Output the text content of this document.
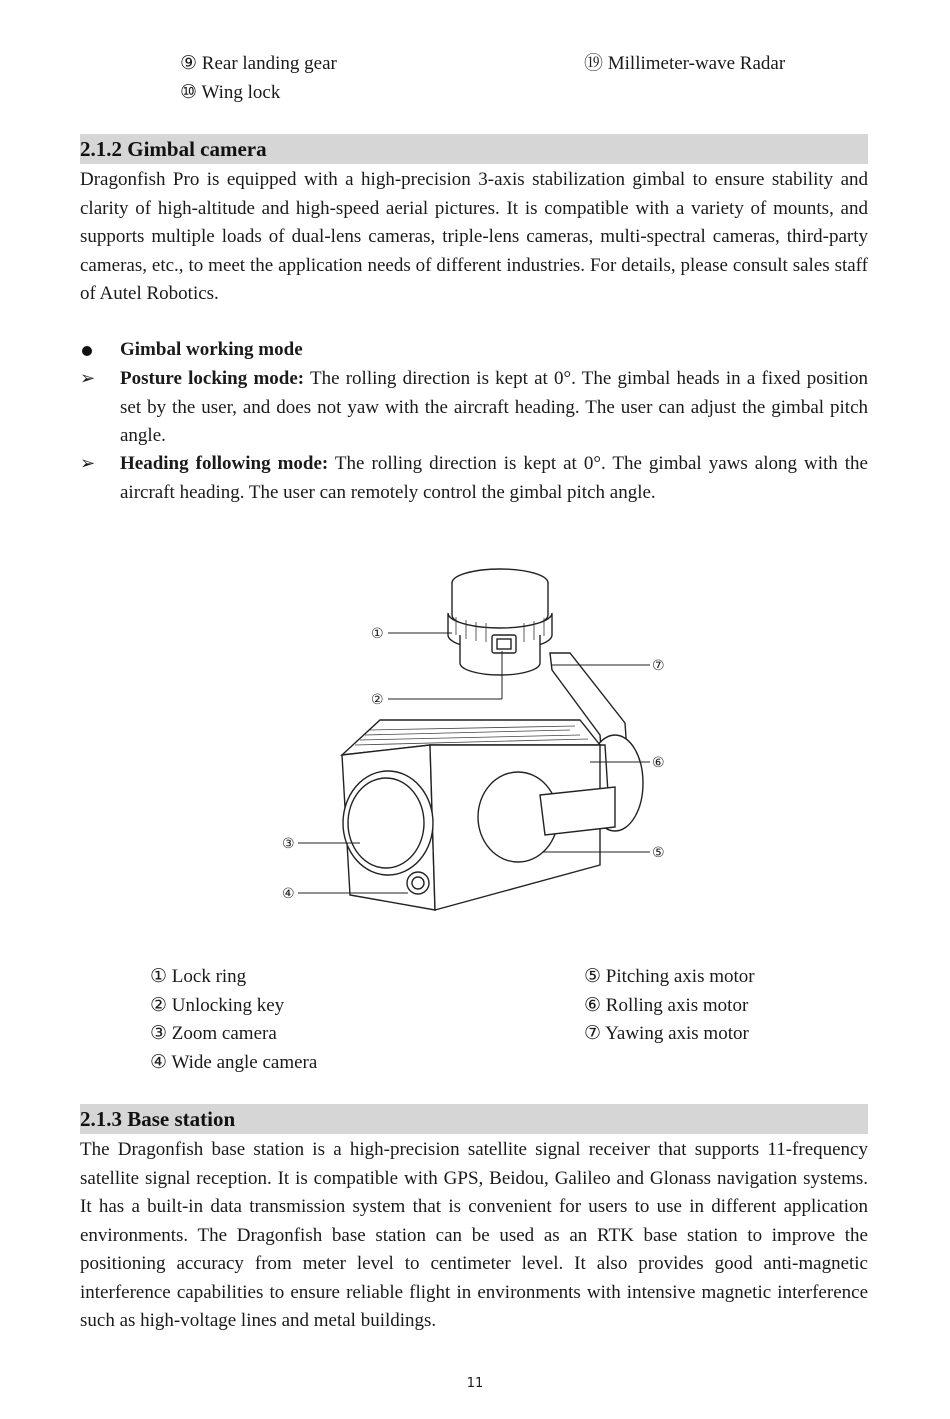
⑨ Rear landing gear
⑩ Wing lock
⑲ Millimeter-wave Radar
2.1.2 Gimbal camera

Dragonfish Pro is equipped with a high-precision 3-axis stabilization gimbal to ensure stability and clarity of high-altitude and high-speed aerial pictures. It is compatible with a variety of mounts, and supports multiple loads of dual-lens cameras, triple-lens cameras, multi-spectral cameras, third-party cameras, etc., to meet the application needs of different industries. For details, please consult sales staff of Autel Robotics.

Gimbal working mode
➢ Posture locking mode: The rolling direction is kept at 0°. The gimbal heads in a fixed position set by the user, and does not yaw with the aircraft heading. The user can adjust the gimbal pitch angle.

➢ Heading following mode: The rolling direction is kept at 0°. The gimbal yaws along with the aircraft heading. The user can remotely control the gimbal pitch angle.

①
②
③
④
⑤
⑥
⑦
① Lock ring
② Unlocking key
③ Zoom camera
④ Wide angle camera
⑤ Pitching axis motor
⑥ Rolling axis motor
⑦ Yawing axis motor
2.1.3 Base station

The Dragonfish base station is a high-precision satellite signal receiver that supports 11-frequency satellite signal reception. It is compatible with GPS, Beidou, Galileo and Glonass navigation systems. It has a built-in data transmission system that is convenient for users to use in different application environments. The Dragonfish base station can be used as an RTK base station to improve the positioning accuracy from meter level to centimeter level. It also provides good anti-magnetic interference capabilities to ensure reliable flight in environments with intensive magnetic interference such as high-voltage lines and metal buildings.

11
